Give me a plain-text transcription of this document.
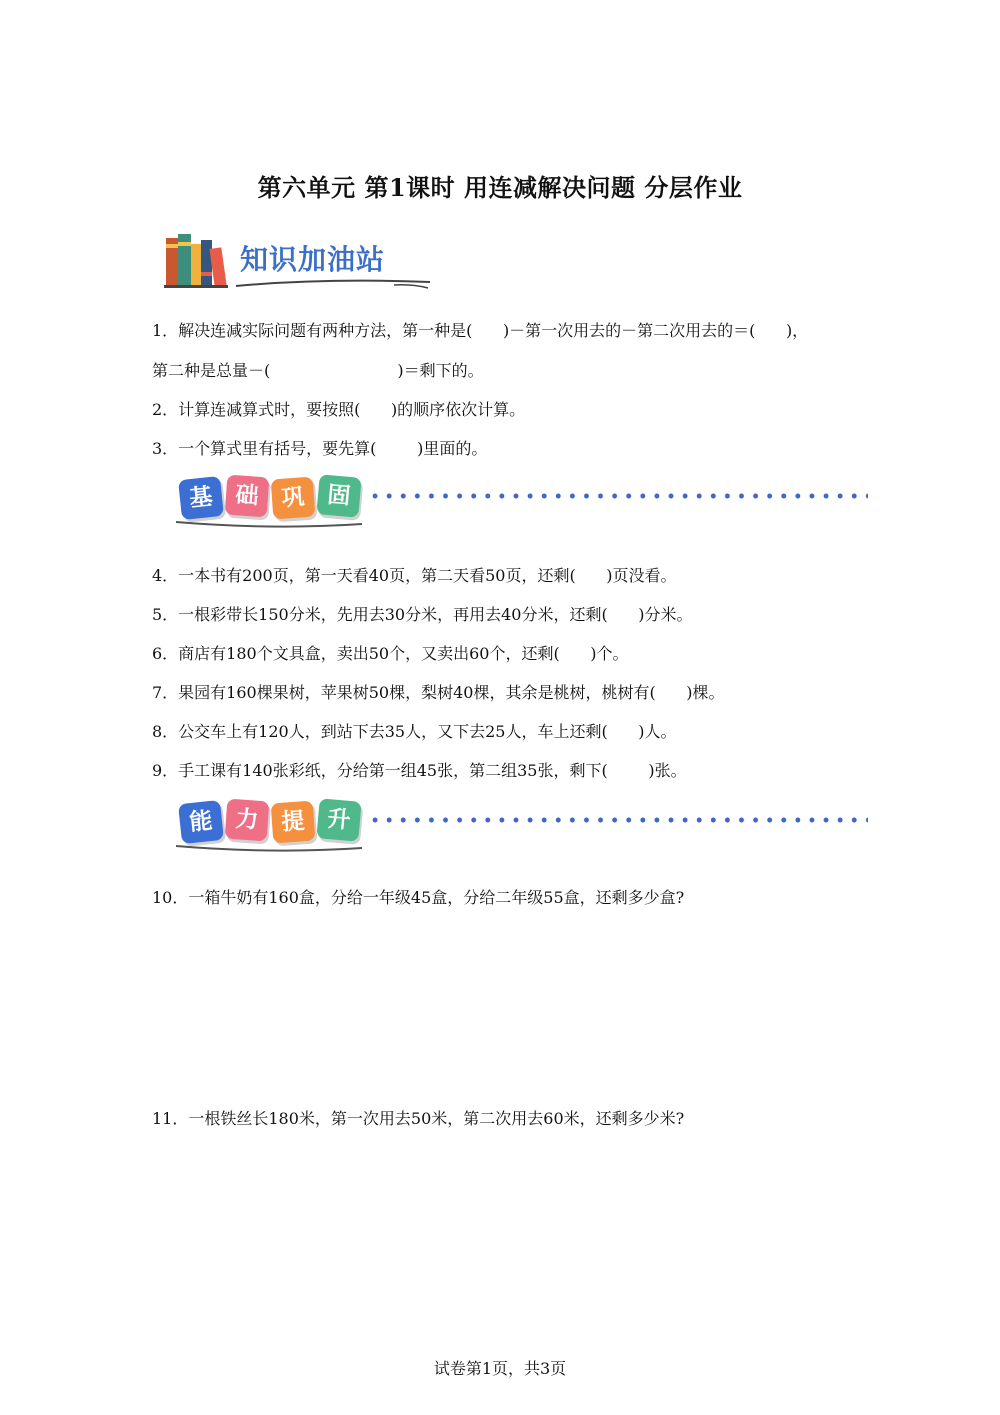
第六单元 第1课时 用连减解决问题 分层作业
知识加油站
1．解决连减实际问题有两种方法，第一种是(      )－第一次用去的－第二次用去的＝(      )，
第二种是总量－(                         )＝剩下的。
2．计算连减算式时，要按照(      )的顺序依次计算。
3．一个算式里有括号，要先算(        )里面的。
基 础 巩 固
4．一本书有200页，第一天看40页，第二天看50页，还剩(      )页没看。
5．一根彩带长150分米，先用去30分米，再用去40分米，还剩(      )分米。
6．商店有180个文具盒，卖出50个，又卖出60个，还剩(      )个。
7．果园有160棵果树，苹果树50棵，梨树40棵，其余是桃树，桃树有(      )棵。
8．公交车上有120人，到站下去35人，又下去25人，车上还剩(      )人。
9．手工课有140张彩纸，分给第一组45张，第二组35张，剩下(        )张。
能 力 提 升
10．一箱牛奶有160盒，分给一年级45盒，分给二年级55盒，还剩多少盒?
11．一根铁丝长180米，第一次用去50米，第二次用去60米，还剩多少米?
试卷第1页，共3页
